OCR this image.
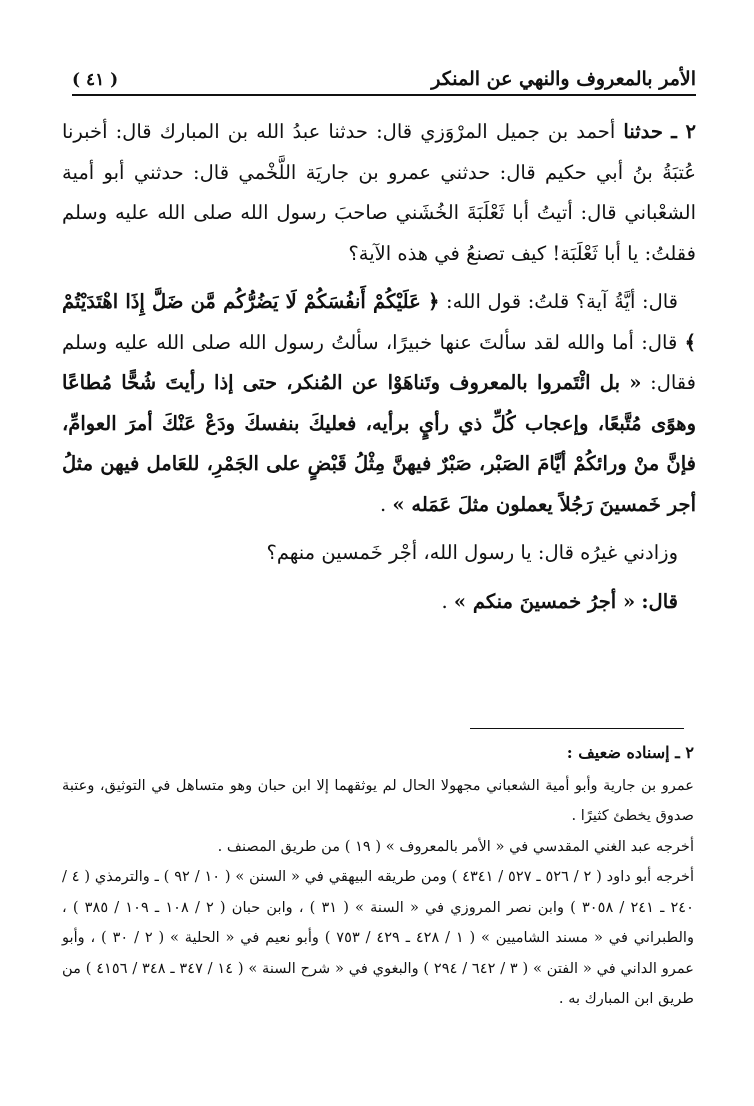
الأمر بالمعروف والنهي عن المنكر
( ٤١ )

٢ ـ حدثنا أحمد بن جميل المرْوَزي قال: حدثنا عبدُ الله بن المبارك قال: أخبرنا عُتبَةُ بنُ أبي حكيم قال: حدثني عمرو بن جاريَة اللَّخْمي قال: حدثني أبو أمية الشعْباني قال: أتيتُ أبا ثَعْلَبَةَ الخُشَني صاحبَ رسول الله صلى الله عليه وسلم فقلتُ: يا أبا ثَعْلَبَة! كيف تصنعُ في هذه الآية؟

قال: أيَّةُ آية؟ قلتُ: قول الله: ﴿ عَلَيْكُمْ أَنفُسَكُمْ لَا يَضُرُّكُم مَّن ضَلَّ إِذَا اهْتَدَيْتُمْ ﴾ قال: أما والله لقد سألتَ عنها خبيرًا، سألتُ رسول الله صلى الله عليه وسلم فقال: « بل ائْتَمروا بالمعروف وتَناهَوْا عن المُنكر، حتى إذا رأيتَ شُحًّا مُطاعًا وهوًى مُتَّبعًا، وإعجاب كُلِّ ذي رأيٍ برأيه، فعليكَ بنفسكَ ودَعْ عَنْكَ أمرَ العوامِّ، فإنَّ منْ ورائكُمْ أيَّامَ الصَبْر، صَبْرٌ فيهنَّ مِثْلُ قَبْضٍ على الجَمْرِ، للعَامل فيهن مثلُ أجر خَمسينَ رَجُلاً يعملون مثلَ عَمَله » .

وزادني غيرُه قال: يا رسول الله، أجْر خَمسين منهم؟

قال: « أجرُ خمسينَ منكم » .

٢ ـ إسناده ضعيف :

عمرو بن جارية وأبو أمية الشعباني مجهولا الحال لم يوثقهما إلا ابن حبان وهو متساهل في التوثيق، وعتبة صدوق يخطئ كثيرًا .

أخرجه عبد الغني المقدسي في « الأمر بالمعروف » ( ١٩ ) من طريق المصنف .

أخرجه أبو داود ( ٢ / ٥٢٦ ـ ٥٢٧ / ٤٣٤١ ) ومن طريقه البيهقي في « السنن » ( ١٠ / ٩٢ ) ـ والترمذي ( ٤ / ٢٤٠ ـ ٢٤١ / ٣٠٥٨ ) وابن نصر المروزي في « السنة » ( ٣١ ) ، وابن حبان ( ٢ / ١٠٨ ـ ١٠٩ / ٣٨٥ ) ، والطبراني في « مسند الشاميين » ( ١ / ٤٢٨ ـ ٤٢٩ / ٧٥٣ ) وأبو نعيم في « الحلية » ( ٢ / ٣٠ ) ، وأبو عمرو الداني في « الفتن » ( ٣ / ٦٤٢ / ٢٩٤ ) والبغوي في « شرح السنة » ( ١٤ / ٣٤٧ ـ ٣٤٨ / ٤١٥٦ ) من طريق ابن المبارك به .
